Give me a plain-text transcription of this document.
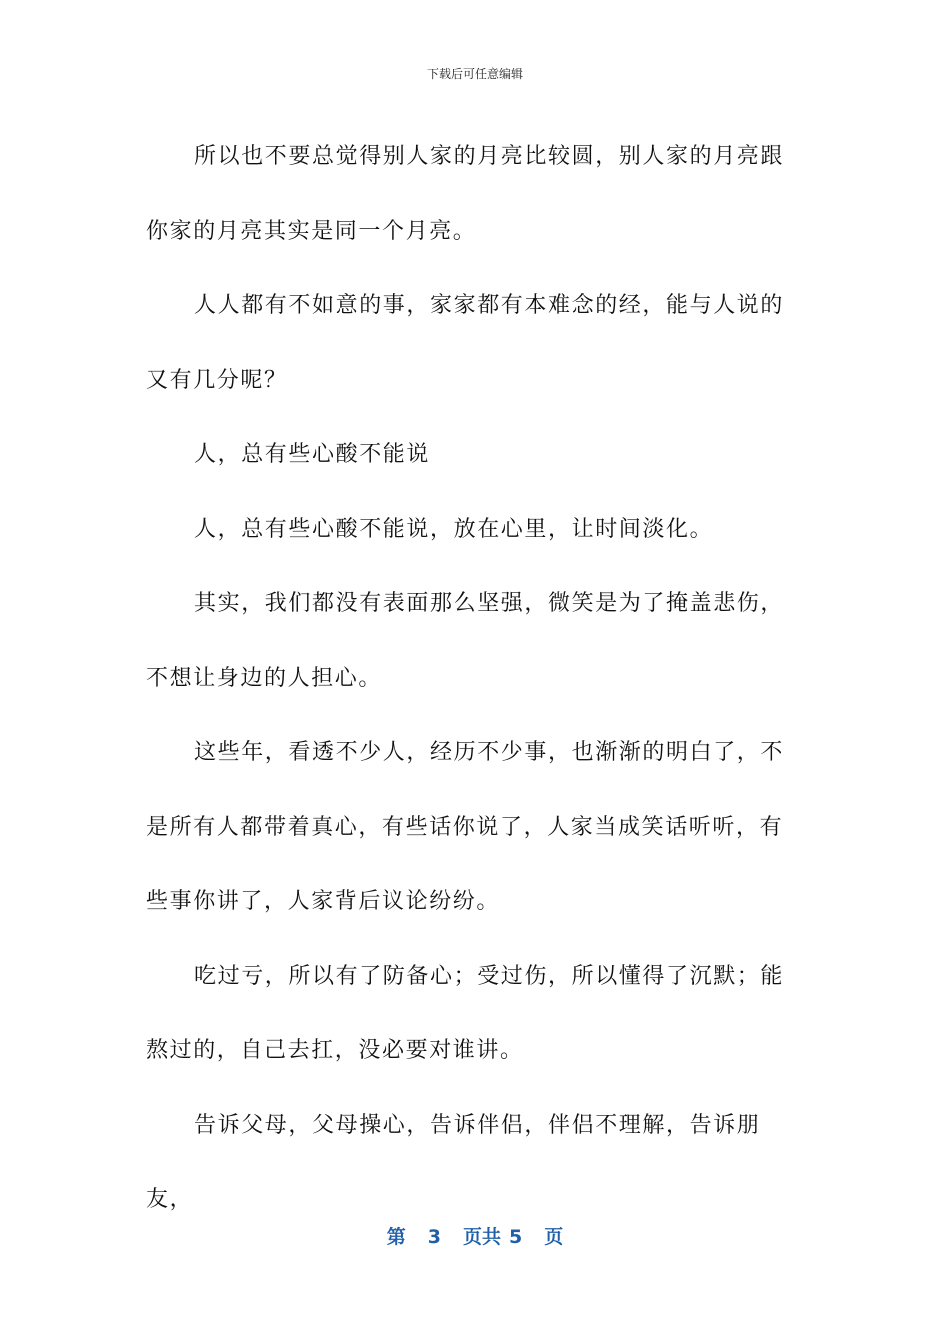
下载后可任意编辑

所以也不要总觉得别人家的月亮比较圆，别人家的月亮跟你家的月亮其实是同一个月亮。

人人都有不如意的事，家家都有本难念的经，能与人说的又有几分呢？

人，总有些心酸不能说

人，总有些心酸不能说，放在心里，让时间淡化。

其实，我们都没有表面那么坚强，微笑是为了掩盖悲伤，不想让身边的人担心。

这些年，看透不少人，经历不少事，也渐渐的明白了，不是所有人都带着真心，有些话你说了，人家当成笑话听听，有些事你讲了，人家背后议论纷纷。

吃过亏，所以有了防备心；受过伤，所以懂得了沉默；能熬过的，自己去扛，没必要对谁讲。

告诉父母，父母操心，告诉伴侣，伴侣不理解，告诉朋友，

第 3 页共 5 页
